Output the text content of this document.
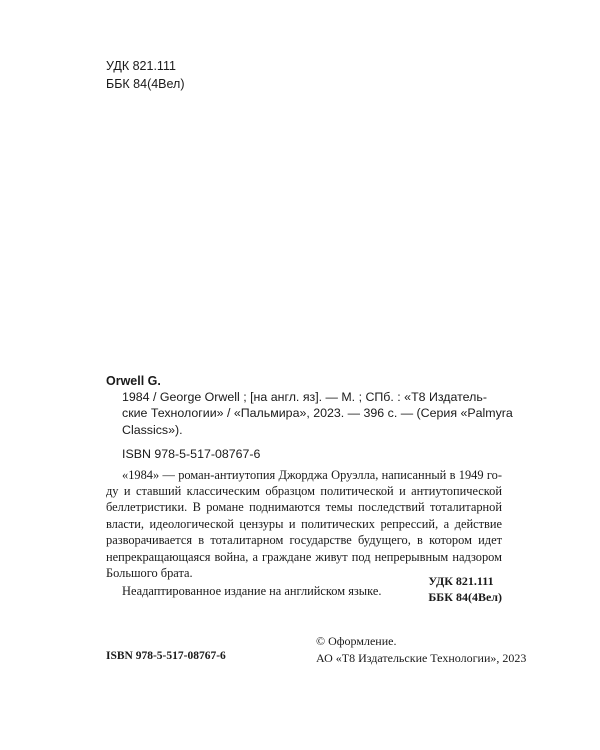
УДК 821.111
ББК 84(4Вел)
Orwell G.
1984 / George Orwell ; [на англ. яз]. — М. ; СПб. : «Т8 Издатель-
ские Технологии» / «Пальмира», 2023. — 396 с. — (Серия «Palmyra
Classics»).
ISBN 978-5-517-08767-6
«1984» — роман-антиутопия Джорджа Оруэлла, написанный в 1949 го-
ду и ставший классическим образцом политической и антиутопической
беллетристики. В романе поднимаются темы последствий тоталитарной
власти, идеологической цензуры и политических репрессий, а действие
разворачивается в тоталитарном государстве будущего, в котором идет
непрекращающаяся война, а граждане живут под непрерывным надзором
Большого брата.
Неадаптированное издание на английском языке.
УДК 821.111
ББК 84(4Вел)
ISBN 978-5-517-08767-6
© Оформление.
АО «Т8 Издательские Технологии», 2023
